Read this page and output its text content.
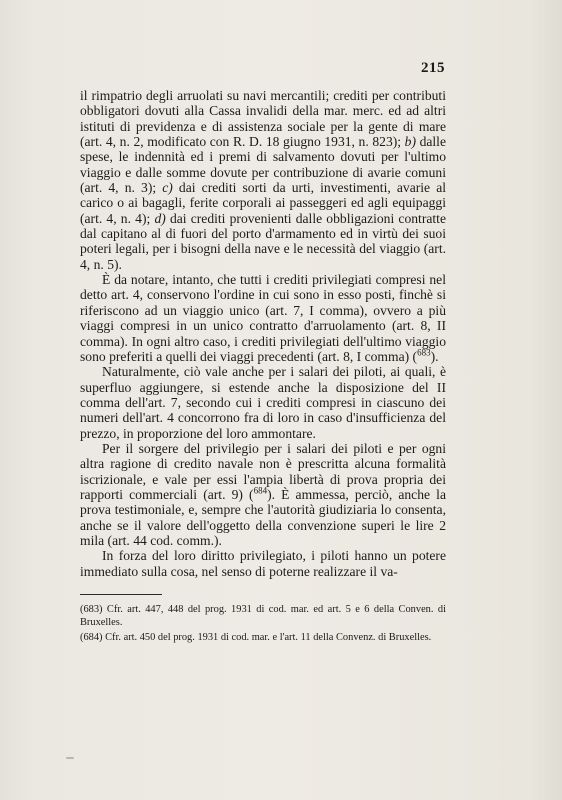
215

il rimpatrio degli arruolati su navi mercantili; crediti per contributi obbligatori dovuti alla Cassa invalidi della mar. merc. ed ad altri istituti di previdenza e di assistenza sociale per la gente di mare (art. 4, n. 2, modificato con R. D. 18 giugno 1931, n. 823); b) dalle spese, le indennità ed i premi di salvamento dovuti per l'ultimo viaggio e dalle somme dovute per contribuzione di avarie comuni (art. 4, n. 3); c) dai crediti sorti da urti, investimenti, avarie al carico o ai bagagli, ferite corporali ai passeggeri ed agli equipaggi (art. 4, n. 4); d) dai crediti provenienti dalle obbligazioni contratte dal capitano al di fuori del porto d'armamento ed in virtù dei suoi poteri legali, per i bisogni della nave e le necessità del viaggio (art. 4, n. 5).

È da notare, intanto, che tutti i crediti privilegiati compresi nel detto art. 4, conservono l'ordine in cui sono in esso posti, finchè si riferiscono ad un viaggio unico (art. 7, I comma), ovvero a più viaggi compresi in un unico contratto d'arruolamento (art. 8, II comma). In ogni altro caso, i crediti privilegiati dell'ultimo viaggio sono preferiti a quelli dei viaggi precedenti (art. 8, I comma) ($^{683}$).

Naturalmente, ciò vale anche per i salari dei piloti, ai quali, è superfluo aggiungere, si estende anche la disposizione del II comma dell'art. 7, secondo cui i crediti compresi in ciascuno dei numeri dell'art. 4 concorrono fra di loro in caso d'insufficienza del prezzo, in proporzione del loro ammontare.

Per il sorgere del privilegio per i salari dei piloti e per ogni altra ragione di credito navale non è prescritta alcuna formalità iscrizionale, e vale per essi l'ampia libertà di prova propria dei rapporti commerciali (art. 9) ($^{684}$). È ammessa, perciò, anche la prova testimoniale, e, sempre che l'autorità giudiziaria lo consenta, anche se il valore dell'oggetto della convenzione superi le lire 2 mila (art. 44 cod. comm.).

In forza del loro diritto privilegiato, i piloti hanno un potere immediato sulla cosa, nel senso di poterne realizzare il va-

(683) Cfr. art. 447, 448 del prog. 1931 di cod. mar. ed art. 5 e 6 della Conven. di Bruxelles.

(684) Cfr. art. 450 del prog. 1931 di cod. mar. e l'art. 11 della Convenz. di Bruxelles.
